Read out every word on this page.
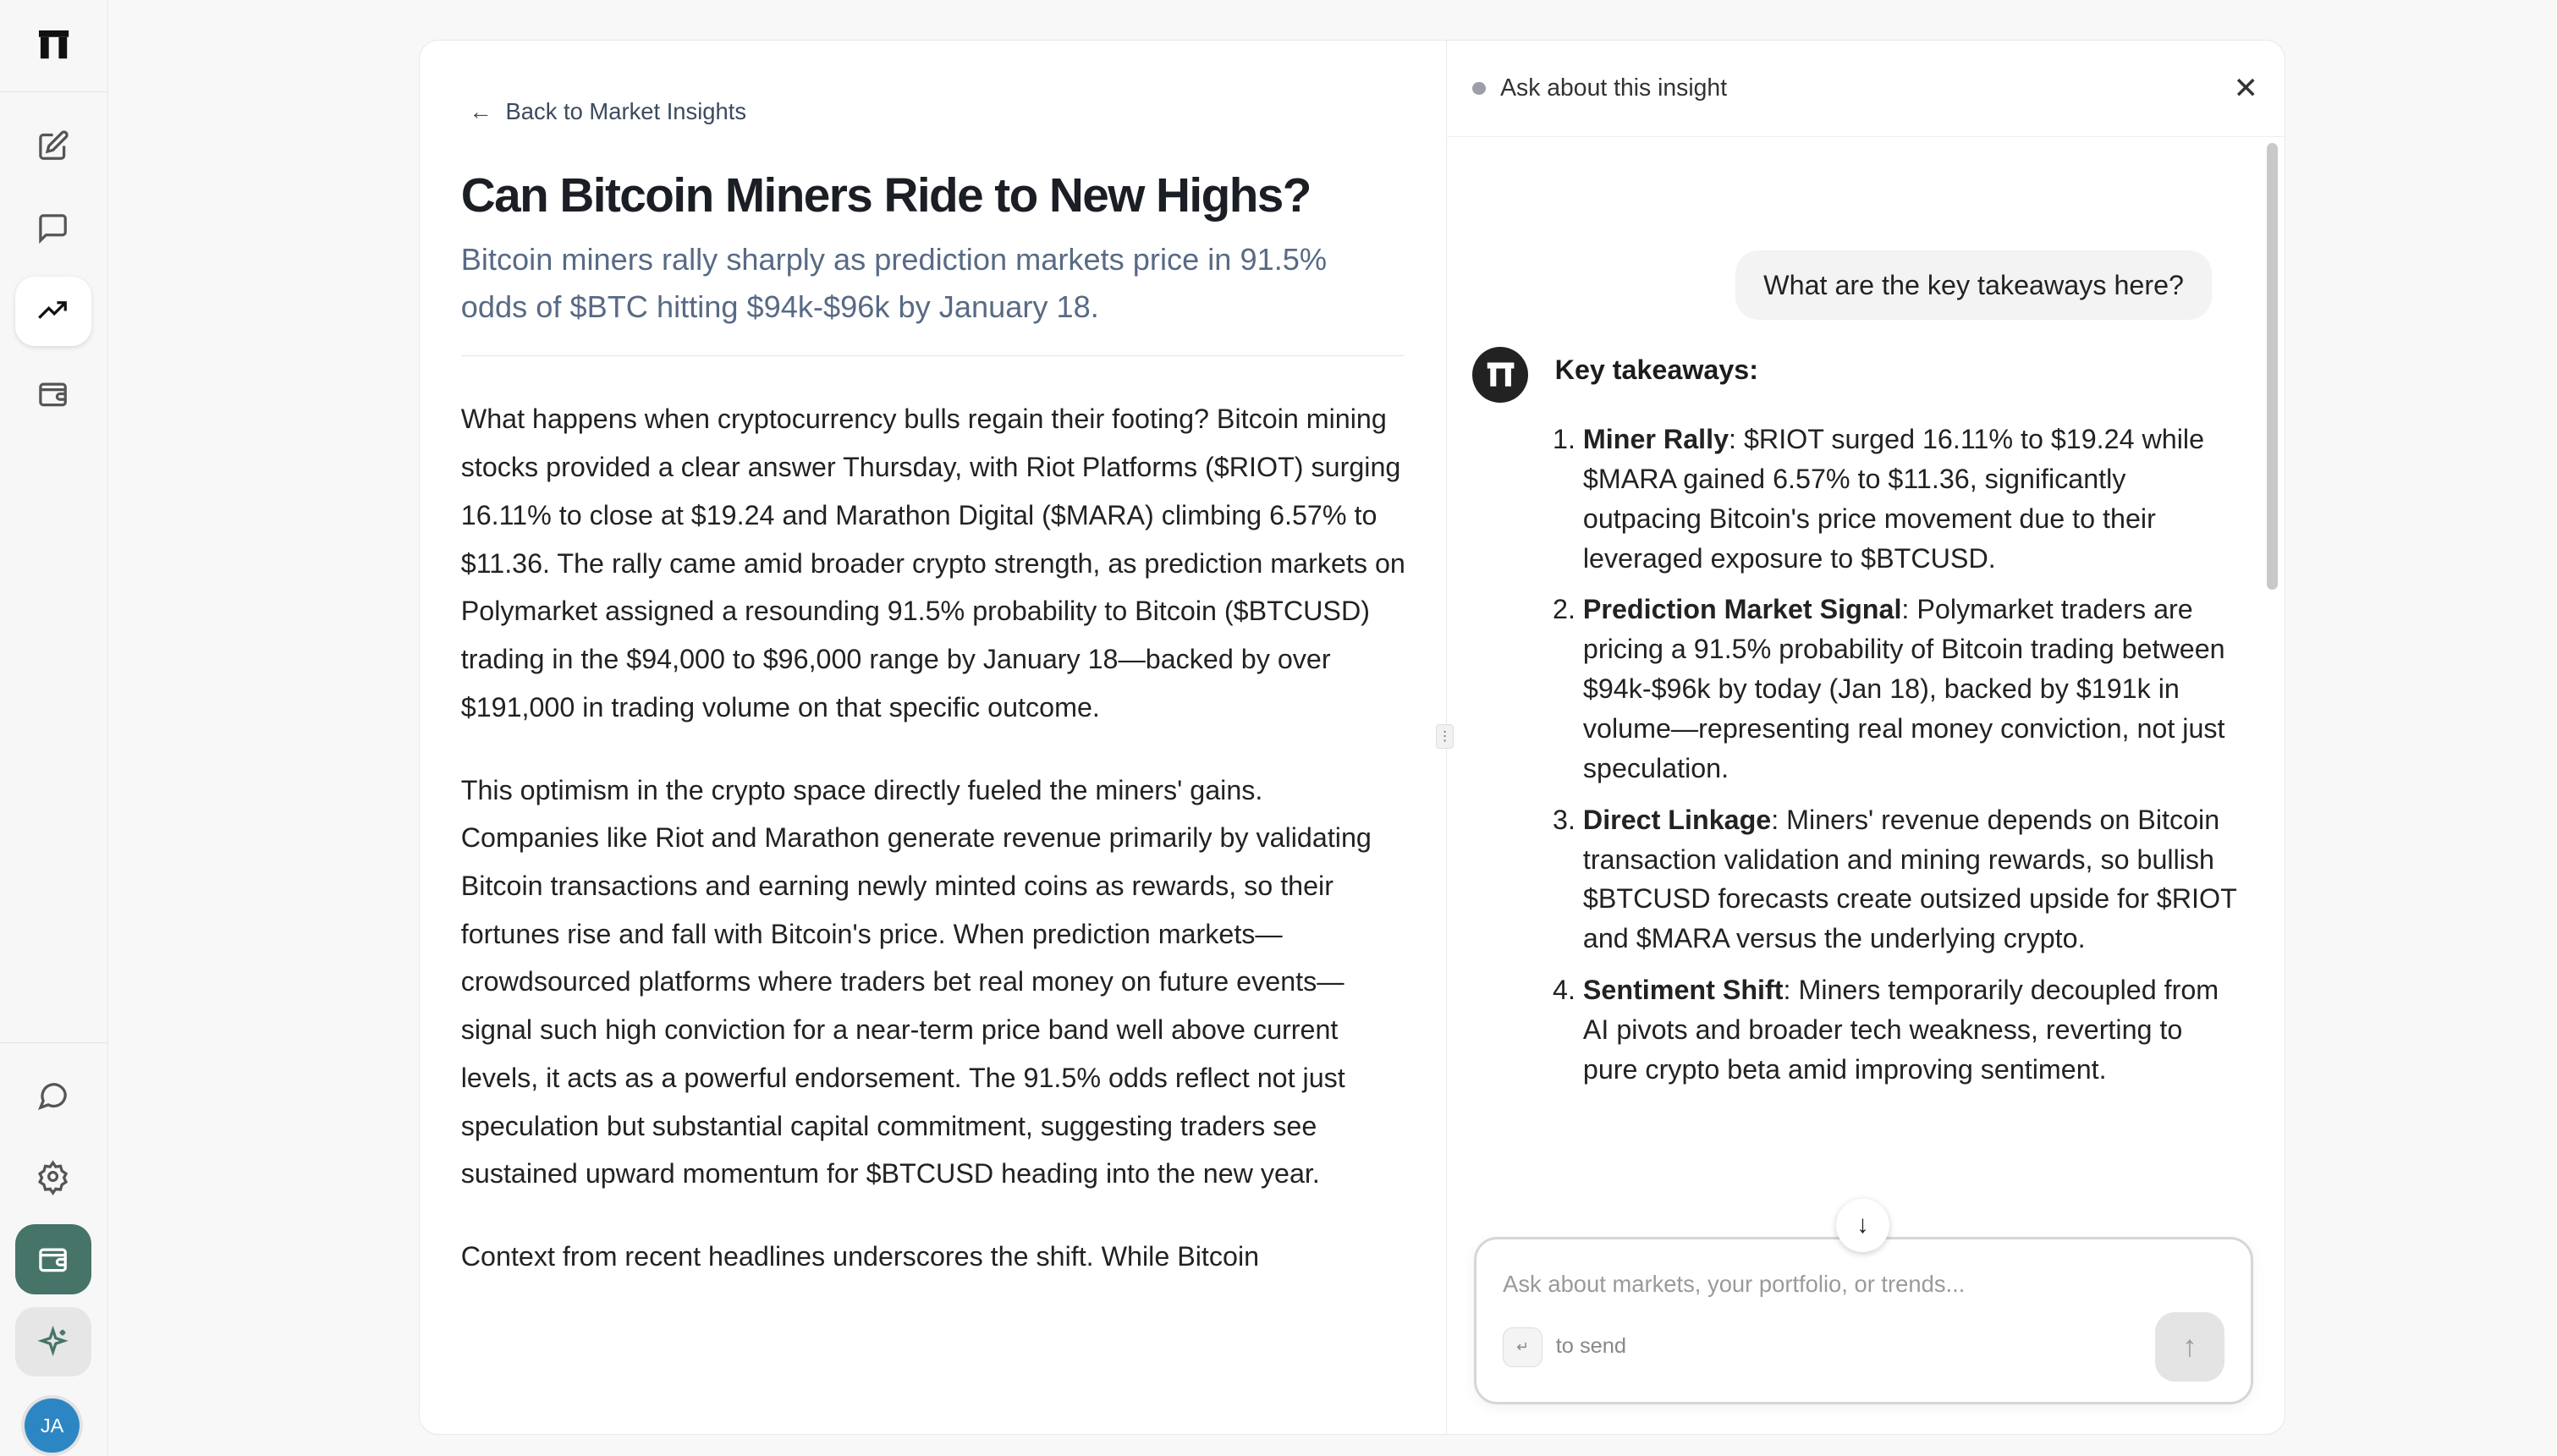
JA
← Back to Market Insights
Can Bitcoin Miners Ride to New Highs?
Bitcoin miners rally sharply as prediction markets price in 91.5% odds of $BTC hitting $94k-$96k by January 18.

What happens when cryptocurrency bulls regain their footing? Bitcoin mining stocks provided a clear answer Thursday, with Riot Platforms ($RIOT) surging 16.11% to close at $19.24 and Marathon Digital ($MARA) climbing 6.57% to $11.36. The rally came amid broader crypto strength, as prediction markets on Polymarket assigned a resounding 91.5% probability to Bitcoin ($BTCUSD) trading in the $94,000 to $96,000 range by January 18—backed by over $191,000 in trading volume on that specific outcome.

This optimism in the crypto space directly fueled the miners' gains. Companies like Riot and Marathon generate revenue primarily by validating Bitcoin transactions and earning newly minted coins as rewards, so their fortunes rise and fall with Bitcoin's price. When prediction markets—crowdsourced platforms where traders bet real money on future events—signal such high conviction for a near-term price band well above current levels, it acts as a powerful endorsement. The 91.5% odds reflect not just speculation but substantial capital commitment, suggesting traders see sustained upward momentum for $BTCUSD heading into the new year.

Context from recent headlines underscores the shift. While Bitcoin

⋮
Ask about this insight	✕
What are the key takeaways here?
Key takeaways:
1. Miner Rally: $RIOT surged 16.11% to $19.24 while $MARA gained 6.57% to $11.36, significantly outpacing Bitcoin's price movement due to their leveraged exposure to $BTCUSD.
2. Prediction Market Signal: Polymarket traders are pricing a 91.5% probability of Bitcoin trading between $94k-$96k by today (Jan 18), backed by $191k in volume—representing real money conviction, not just speculation.
3. Direct Linkage: Miners' revenue depends on Bitcoin transaction validation and mining rewards, so bullish $BTCUSD forecasts create outsized upside for $RIOT and $MARA versus the underlying crypto.
4. Sentiment Shift: Miners temporarily decoupled from AI pivots and broader tech weakness, reverting to pure crypto beta amid improving sentiment.
↓
Ask about markets, your portfolio, or trends...
↵	to send	↑
